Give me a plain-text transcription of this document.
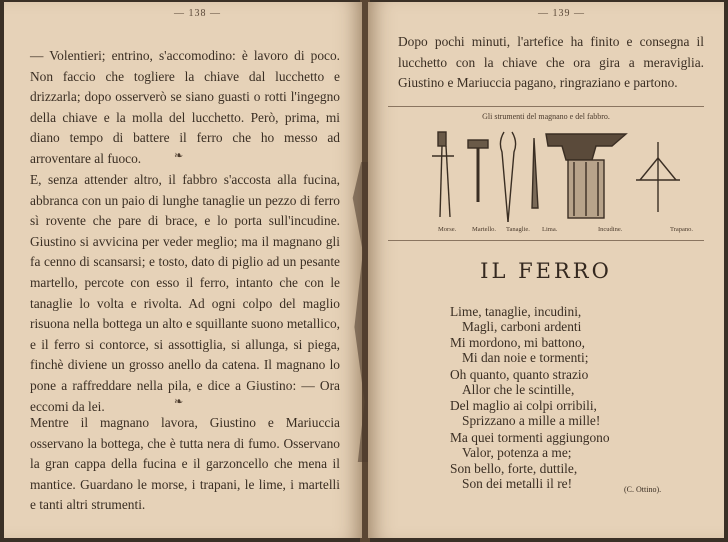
— 138 —
— Volentieri; entrino, s'accomodino: è lavoro di poco. Non faccio che togliere la chiave dal lucchetto e drizzarla; dopo osserverò se siano guasti o rotti l'ingegno della chiave e la molla del lucchetto. Però, prima, mi diano tempo di battere il ferro che ho messo ad arroventare al fuoco.	❧
E, senza attender altro, il fabbro s'accosta alla fucina, abbranca con un paio di lunghe tanaglie un pezzo di ferro sì rovente che pare di brace, e lo porta sull'incudine. Giustino si avvicina per veder meglio; ma il magnano gli fa cenno di scansarsi; e tosto, dato di piglio ad un pesante martello, percote con esso il ferro, intanto che con le tanaglie lo volta e rivolta. Ad ogni colpo del maglio risuona nella bottega un alto e squillante suono metallico, e il ferro si contorce, si assottiglia, si allunga, si piega, finchè diviene un grosso anello da catena. Il magnano lo pone a raffreddare nella pila, e dice a Giustino: — Ora eccomi da lei.	❧
Mentre il magnano lavora, Giustino e Mariuccia osservano la bottega, che è tutta nera di fumo. Osservano la gran cappa della fucina e il garzoncello che mena il mantice. Guardano le morse, i trapani, le lime, i martelli e tanti altri strumenti.
— 139 —
Dopo pochi minuti, l'artefice ha finito e consegna il lucchetto con la chiave che ora gira a meraviglia. Giustino e Mariuccia pagano, ringraziano e partono.
Gli strumenti del magnano e del fabbro.
Morse. Martello. Tanaglie. Lima.	Incudine.	Trapano.
IL FERRO
Lime, tanaglie, incudini,
Magli, carboni ardenti
Mi mordono, mi battono,
Mi dan noie e tormenti;
Oh quanto, quanto strazio
Allor che le scintille,
Del maglio ai colpi orribili,
Sprizzano a mille a mille!
Ma quei tormenti aggiungono
Valor, potenza a me;
Son bello, forte, duttile,
Son dei metalli il re!	(C. Ottino).
